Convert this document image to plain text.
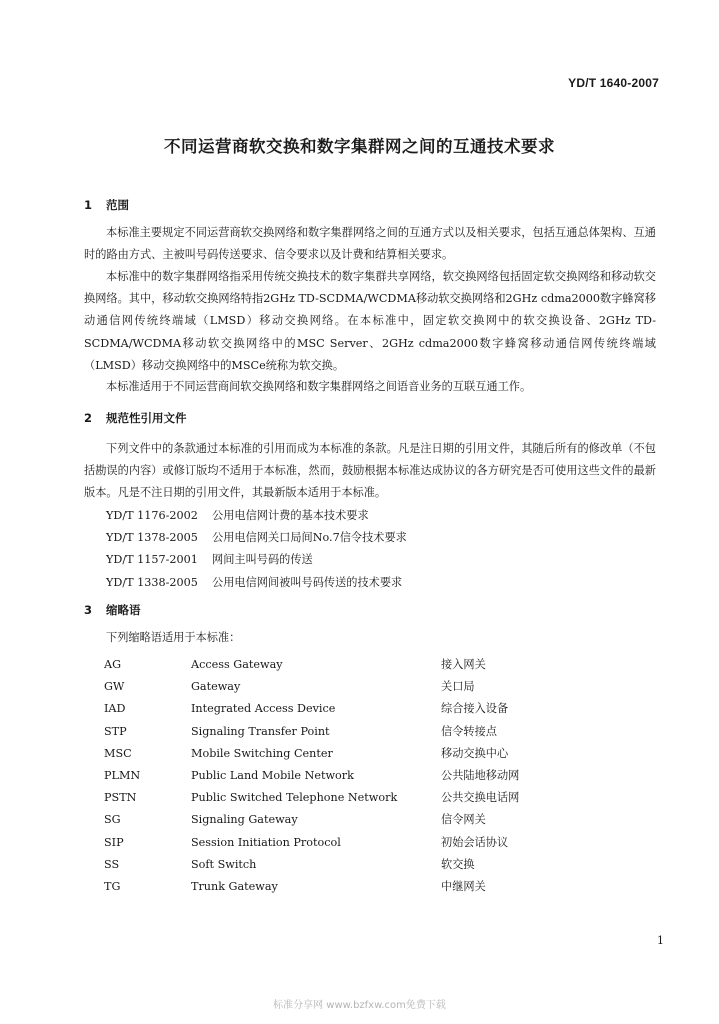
YD/T 1640-2007
不同运营商软交换和数字集群网之间的互通技术要求
1 范围
本标准主要规定不同运营商软交换网络和数字集群网络之间的互通方式以及相关要求，包括互通总体架构、互通时的路由方式、主被叫号码传送要求、信令要求以及计费和结算相关要求。
本标准中的数字集群网络指采用传统交换技术的数字集群共享网络，软交换网络包括固定软交换网络和移动软交换网络。其中，移动软交换网络特指2GHz TD-SCDMA/WCDMA移动软交换网络和2GHz cdma2000数字蜂窝移动通信网传统终端域（LMSD）移动交换网络。在本标准中，固定软交换网中的软交换设备、2GHz TD-SCDMA/WCDMA移动软交换网络中的MSC Server、2GHz cdma2000数字蜂窝移动通信网传统终端域（LMSD）移动交换网络中的MSCe统称为软交换。
本标准适用于不同运营商间软交换网络和数字集群网络之间语音业务的互联互通工作。
2 规范性引用文件
下列文件中的条款通过本标准的引用而成为本标准的条款。凡是注日期的引用文件，其随后所有的修改单（不包括勘误的内容）或修订版均不适用于本标准，然而，鼓励根据本标准达成协议的各方研究是否可使用这些文件的最新版本。凡是不注日期的引用文件，其最新版本适用于本标准。
YD/T 1176-2002 公用电信网计费的基本技术要求
YD/T 1378-2005 公用电信网关口局间No.7信令技术要求
YD/T 1157-2001 网间主叫号码的传送
YD/T 1338-2005 公用电信网间被叫号码传送的技术要求
3 缩略语
下列缩略语适用于本标准：
AG	Access Gateway	接入网关
GW	Gateway	关口局
IAD	Integrated Access Device	综合接入设备
STP	Signaling Transfer Point	信令转接点
MSC	Mobile Switching Center	移动交换中心
PLMN	Public Land Mobile Network	公共陆地移动网
PSTN	Public Switched Telephone Network	公共交换电话网
SG	Signaling Gateway	信令网关
SIP	Session Initiation Protocol	初始会话协议
SS	Soft Switch	软交换
TG	Trunk Gateway	中继网关
1
标准分享网 www.bzfxw.com免费下载
